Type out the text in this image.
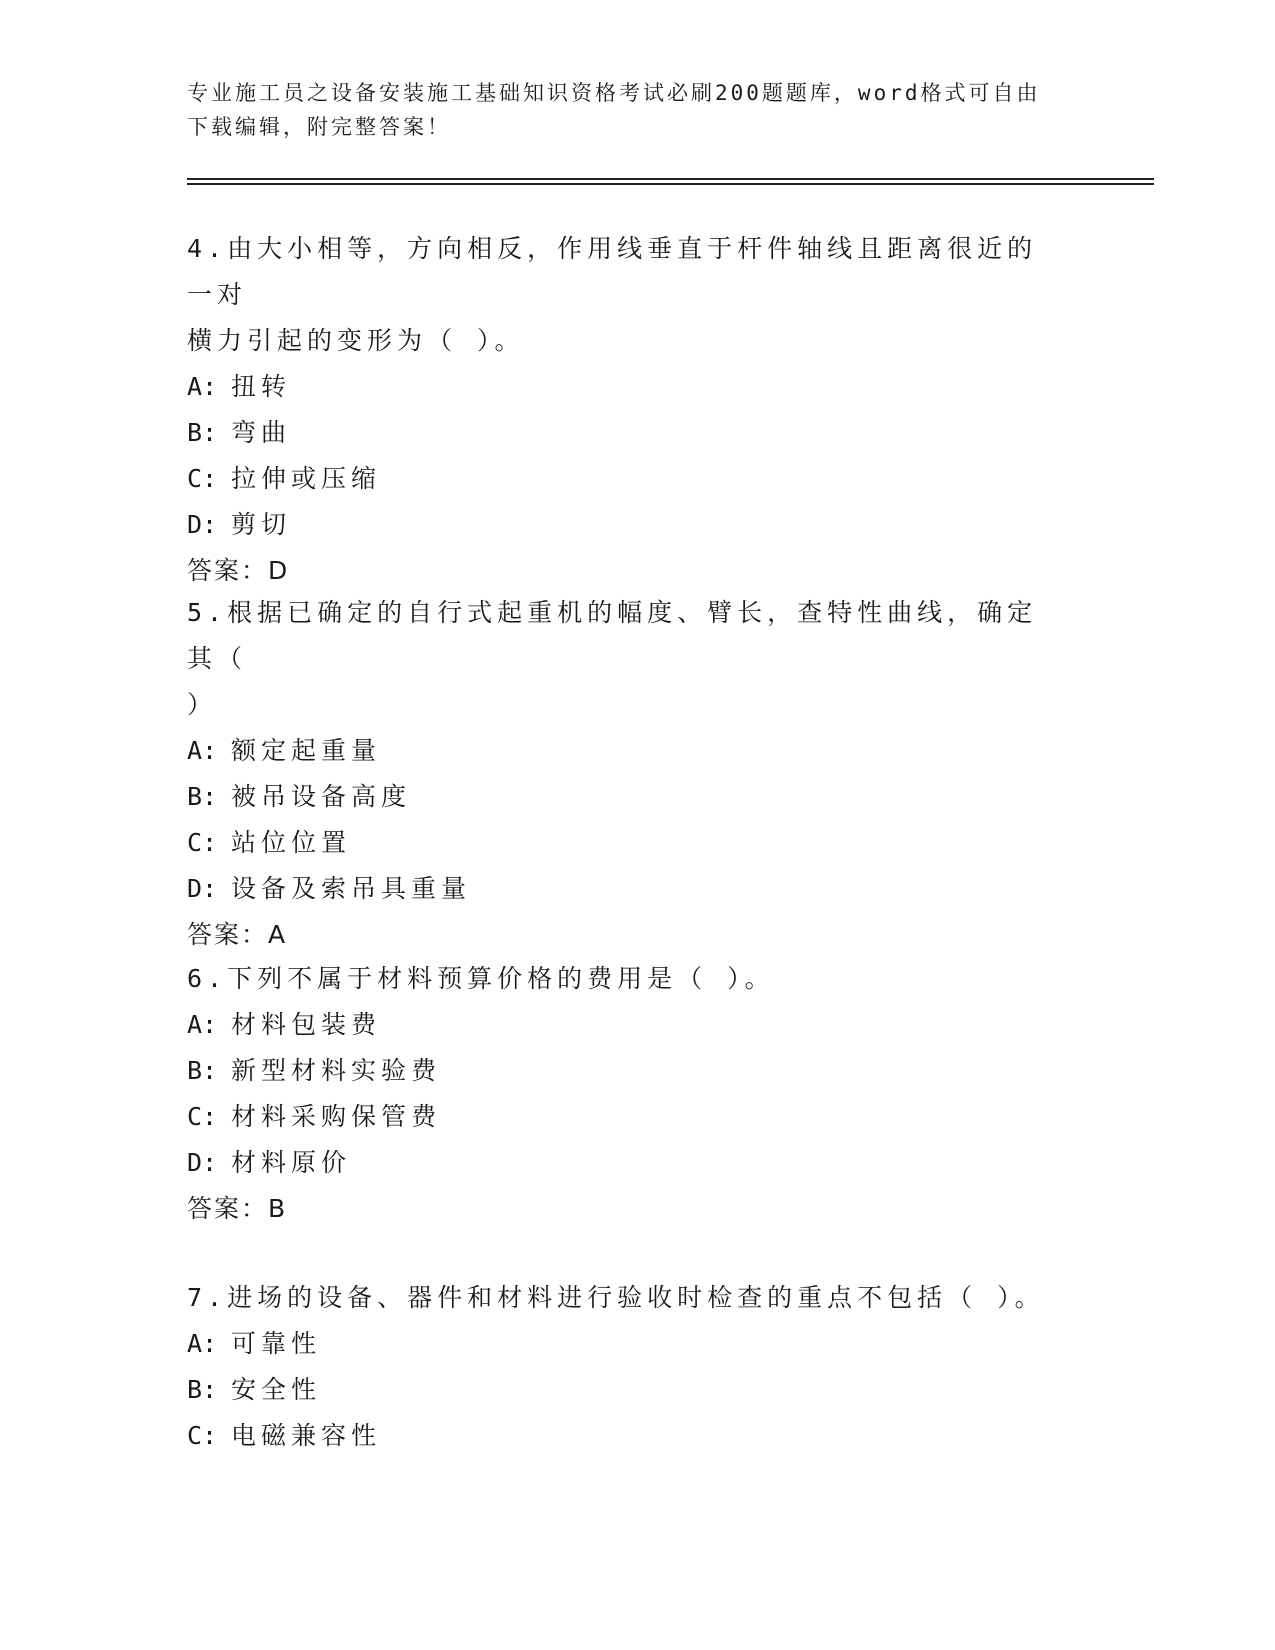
专业施工员之设备安装施工基础知识资格考试必刷200题题库，word格式可自由
下载编辑，附完整答案！

4.由大小相等，方向相反，作用线垂直于杆件轴线且距离很近的一对

横力引起的变形为（ ）。

A: 扭转

B: 弯曲

C: 拉伸或压缩

D: 剪切

答案：D

5.根据已确定的自行式起重机的幅度、臂长，查特性曲线，确定其（

）

A: 额定起重量

B: 被吊设备高度

C: 站位位置

D: 设备及索吊具重量

答案：A

6.下列不属于材料预算价格的费用是（ ）。

A: 材料包装费

B: 新型材料实验费

C: 材料采购保管费

D: 材料原价

答案：B

7.进场的设备、器件和材料进行验收时检查的重点不包括（ ）。

A: 可靠性

B: 安全性

C: 电磁兼容性
